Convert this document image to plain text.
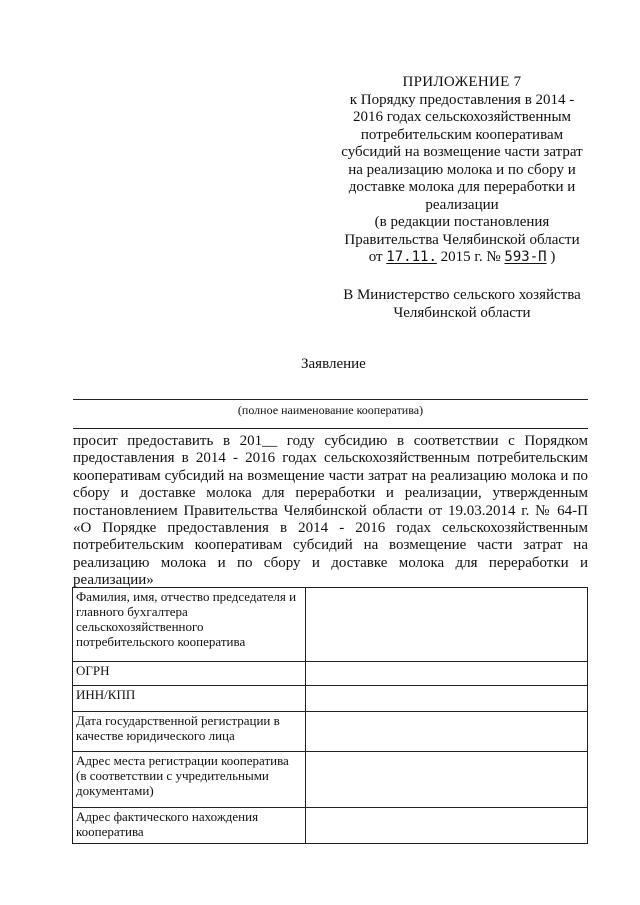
ПРИЛОЖЕНИЕ 7
к Порядку предоставления в 2014 -
2016 годах сельскохозяйственным
потребительским кооперативам
субсидий на возмещение части затрат
на реализацию молока и по сбору и
доставке молока для переработки и
реализации
(в редакции постановления
Правительства Челябинской области
от 17.11. 2015 г. № 593-П )
В Министерство сельского хозяйства
Челябинской области
Заявление
(полное наименование кооператива)
просит предоставить в 201__ году субсидию в соответствии с Порядком
предоставления в 2014 - 2016 годах сельскохозяйственным потребительским
кооперативам субсидий на возмещение части затрат на реализацию молока и по
сбору и доставке молока для переработки и реализации, утвержденным
постановлением Правительства Челябинской области от 19.03.2014 г. № 64-П
«О Порядке предоставления в 2014 - 2016 годах сельскохозяйственным
потребительским кооперативам субсидий на возмещение части затрат на
реализацию молока и по сбору и доставке молока для переработки и
реализации»
Фамилия, имя, отчество председателя и главного бухгалтера сельскохозяйственного потребительского кооператива	
ОГРН	
ИНН/КПП	
Дата государственной регистрации в качестве юридического лица	
Адрес места регистрации кооператива (в соответствии с учредительными документами)	
Адрес фактического нахождения кооператива	
